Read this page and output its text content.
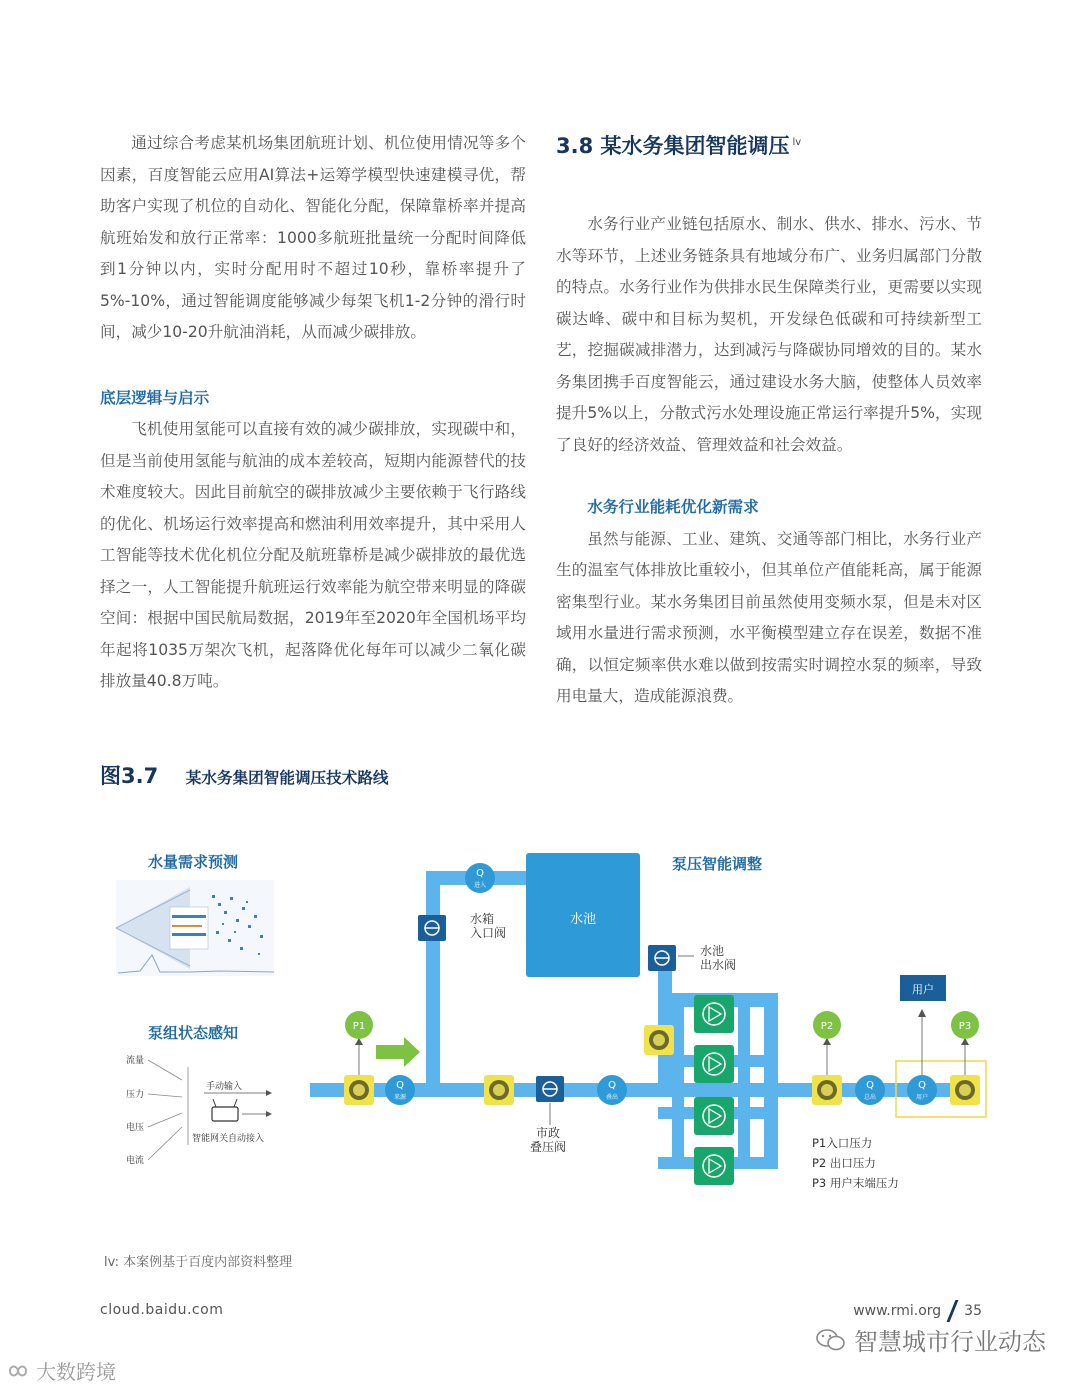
通过综合考虑某机场集团航班计划、机位使用情况等多个因素，百度智能云应用AI算法+运筹学模型快速建模寻优，帮助客户实现了机位的自动化、智能化分配，保障靠桥率并提高航班始发和放行正常率：1000多航班批量统一分配时间降低到1分钟以内，实时分配用时不超过10秒，靠桥率提升了5%-10%，通过智能调度能够减少每架飞机1-2分钟的滑行时间，减少10-20升航油消耗，从而减少碳排放。

底层逻辑与启示

飞机使用氢能可以直接有效的减少碳排放，实现碳中和，但是当前使用氢能与航油的成本差较高，短期内能源替代的技术难度较大。因此目前航空的碳排放减少主要依赖于飞行路线的优化、机场运行效率提高和燃油利用效率提升，其中采用人工智能等技术优化机位分配及航班靠桥是减少碳排放的最优选择之一，人工智能提升航班运行效率能为航空带来明显的降碳空间：根据中国民航局数据，2019年至2020年全国机场平均年起将1035万架次飞机，起落降优化每年可以减少二氧化碳排放量40.8万吨。

3.8 某水务集团智能调压 $^{lv}$

水务行业产业链包括原水、制水、供水、排水、污水、节水等环节，上述业务链条具有地域分布广、业务归属部门分散的特点。水务行业作为供排水民生保障类行业，更需要以实现碳达峰、碳中和目标为契机，开发绿色低碳和可持续新型工艺，挖掘碳减排潜力，达到减污与降碳协同增效的目的。某水务集团携手百度智能云，通过建设水务大脑，使整体人员效率提升5%以上，分散式污水处理设施正常运行率提升5%，实现了良好的经济效益、管理效益和社会效益。

水务行业能耗优化新需求

虽然与能源、工业、建筑、交通等部门相比，水务行业产生的温室气体排放比重较小，但其单位产值能耗高，属于能源密集型行业。某水务集团目前虽然使用变频水泵，但是未对区域用水量进行需求预测，水平衡模型建立存在误差，数据不准确，以恒定频率供水难以做到按需实时调控水泵的频率，导致用电量大，造成能源浪费。

图3.7 某水务集团智能调压技术路线
水量需求预测
泵组状态感知
泵压智能调整
流量
压力
电压
电流
手动输入
智能网关自动接入
水池
水箱
入口阀
水池
出水阀
市政
叠压阀
Q
进入
Q
来源
Q
叠出
Q
总出
Q
用户
P1	P2	P3
用户
P1入口压力
P2 出口压力
P3 用户末端压力
lv: 本案例基于百度内部资料整理
cloud.baidu.com	www.rmi.org 35
智慧城市行业动态
大数跨境
